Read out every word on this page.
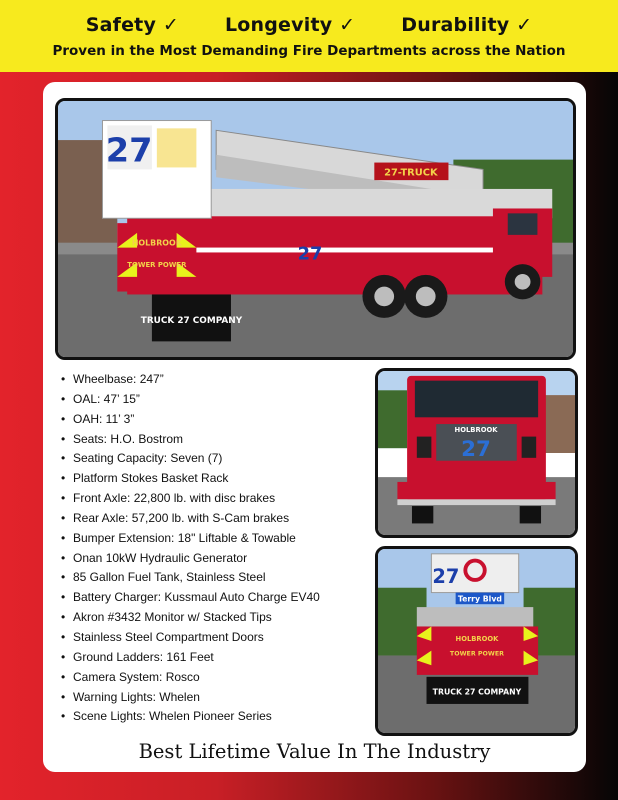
Safety ✓ Longevity ✓ Durability ✓
Proven in the Most Demanding Fire Departments across the Nation
27-TRUCK
27
HOLBROOK
TOWER POWER
TRUCK 27 COMPANY
27
• Wheelbase: 247”
• OAL: 47’ 15”
• OAH: 11’ 3”
• Seats: H.O. Bostrom
• Seating Capacity: Seven (7)
• Platform Stokes Basket Rack
• Front Axle: 22,800 lb. with disc brakes
• Rear Axle: 57,200 lb. with S-Cam brakes
• Bumper Extension: 18" Liftable & Towable
• Onan 10kW Hydraulic Generator
• 85 Gallon Fuel Tank, Stainless Steel
• Battery Charger: Kussmaul Auto Charge EV40
• Akron #3432 Monitor w/ Stacked Tips
• Stainless Steel Compartment Doors
• Ground Ladders: 161 Feet
• Camera System: Rosco
• Warning Lights: Whelen
• Scene Lights: Whelen Pioneer Series
HOLBROOK
27
27
Terry Blvd
HOLBROOK
TOWER POWER
TRUCK 27 COMPANY
Best Lifetime Value In The Industry
